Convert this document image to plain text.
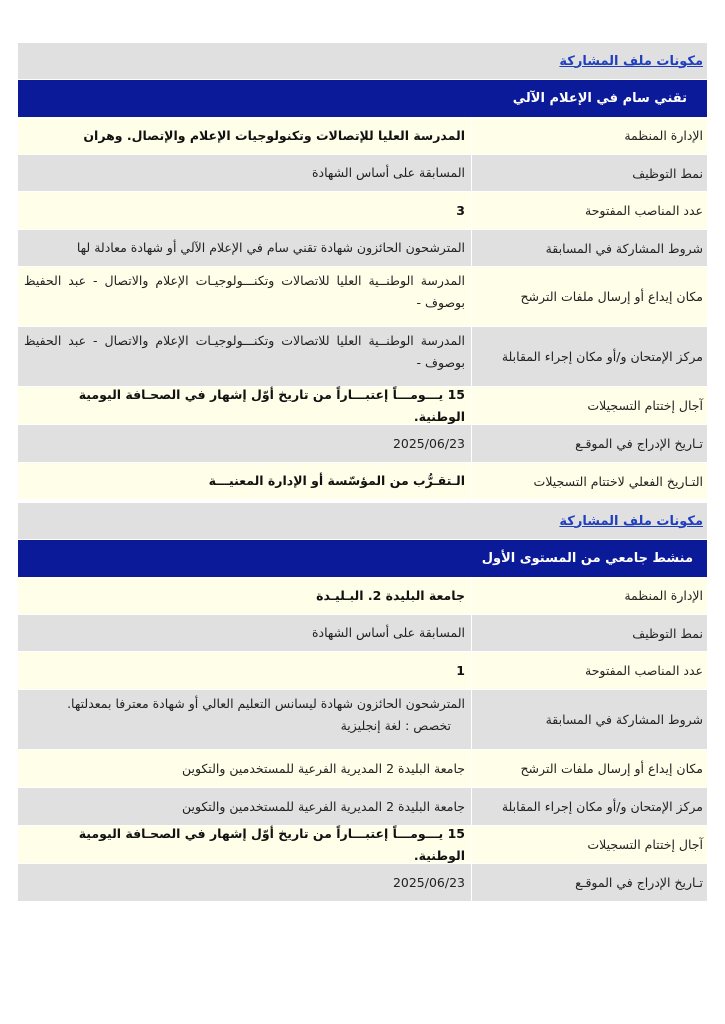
مكونات ملف المشاركة
تقني سام في الإعلام الآلي
الإدارة المنظمة
المدرسة العليا للإتصالات وتكنولوجيات الإعلام والإتصال. وهران
نمط التوظيف
المسابقة على أساس الشهادة
عدد المناصب المفتوحة
3
شروط المشاركة في المسابقة
المترشحون الحائزون شهادة تقني سام في الإعلام الآلي أو شهادة معادلة لها
مكان إيداع أو إرسال ملفات الترشح
المدرسة الوطنــية العليا للاتصالات وتكنـــولوجيـات الإعلام والاتصال - عبد الحفيظ بوصوف -
مركز الإمتحان و/أو مكان إجراء المقابلة
المدرسة الوطنــية العليا للاتصالات وتكنـــولوجيـات الإعلام والاتصال - عبد الحفيظ بوصوف -
آجال إختتام التسجيلات
15 يـــومـــاً إعتبـــاراً من تاريخ أوّل إشهار في الصحـافة اليومية الوطنية.
تـاريخ الإدراج في الموقـع
2025/06/23
التـاريخ الفعلي لاختتام التسجيلات
الـتقـرُّب من المؤسّسة أو الإدارة المعنيـــة
مكونات ملف المشاركة
منشط جامعي من المستوى الأول
الإدارة المنظمة
جامعة البليدة 2. البـليـدة
نمط التوظيف
المسابقة على أساس الشهادة
عدد المناصب المفتوحة
1
شروط المشاركة في المسابقة
المترشحون الحائزون شهادة ليسانس التعليم العالي أو شهادة معترفا بمعدلتها.
تخصص : لغة إنجليزية
مكان إيداع أو إرسال ملفات الترشح
جامعة البليدة 2 المديرية الفرعية للمستخدمين والتكوين
مركز الإمتحان و/أو مكان إجراء المقابلة
جامعة البليدة 2 المديرية الفرعية للمستخدمين والتكوين
آجال إختتام التسجيلات
15 يـــومـــاً إعتبـــاراً من تاريخ أوّل إشهار في الصحـافة اليومية الوطنية.
تـاريخ الإدراج في الموقـع
2025/06/23
